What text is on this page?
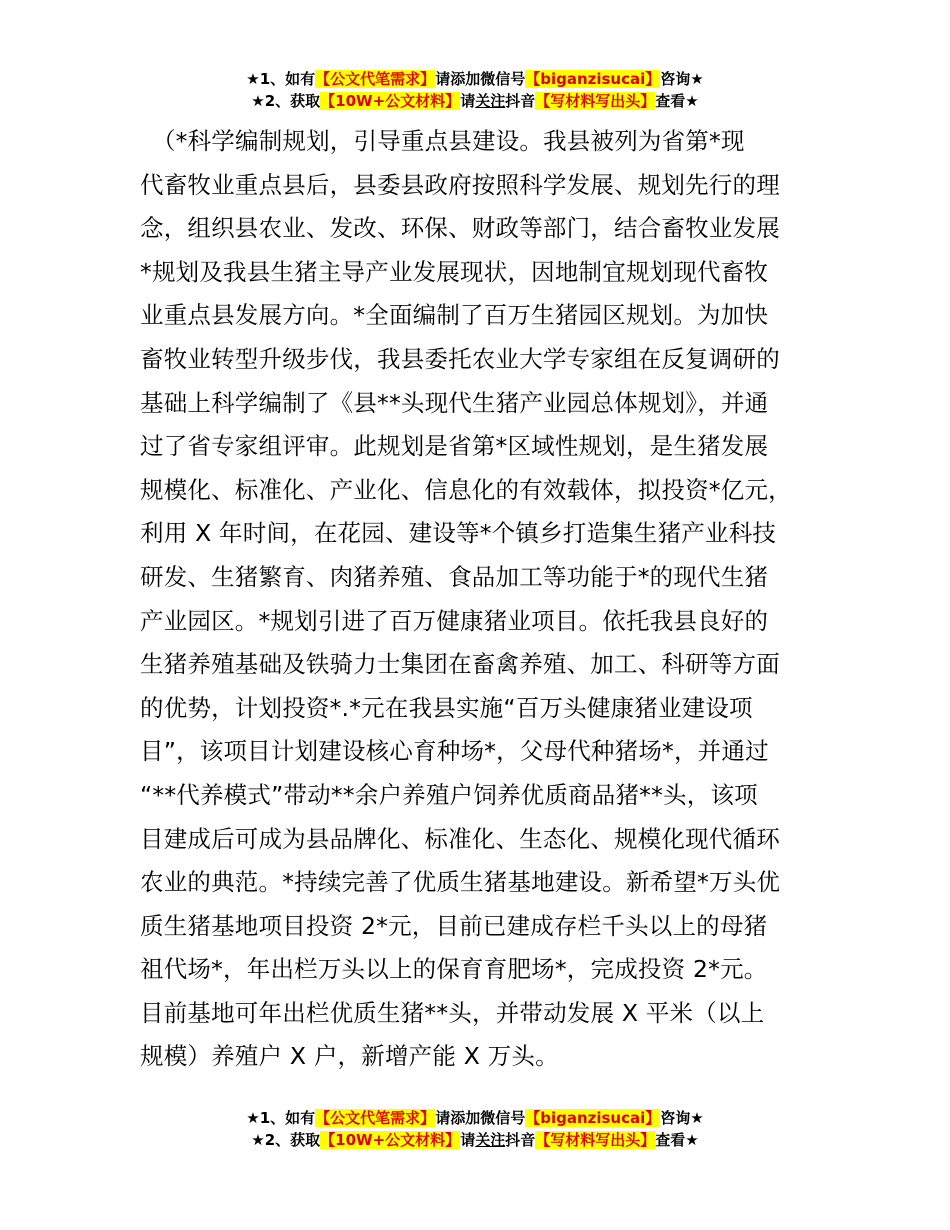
★1、如有【公文代笔需求】请添加微信号【biganzisucai】咨询★
★2、获取【10W+公文材料】请关注抖音【写材料写出头】查看★
　（*科学编制规划，引导重点县建设。我县被列为省第*现
代畜牧业重点县后，县委县政府按照科学发展、规划先行的理
念，组织县农业、发改、环保、财政等部门，结合畜牧业发展
*规划及我县生猪主导产业发展现状，因地制宜规划现代畜牧
业重点县发展方向。*全面编制了百万生猪园区规划。为加快
畜牧业转型升级步伐，我县委托农业大学专家组在反复调研的
基础上科学编制了《县**头现代生猪产业园总体规划》，并通
过了省专家组评审。此规划是省第*区域性规划，是生猪发展
规模化、标准化、产业化、信息化的有效载体，拟投资*亿元，
利用 X 年时间，在花园、建设等*个镇乡打造集生猪产业科技
研发、生猪繁育、肉猪养殖、食品加工等功能于*的现代生猪
产业园区。*规划引进了百万健康猪业项目。依托我县良好的
生猪养殖基础及铁骑力士集团在畜禽养殖、加工、科研等方面
的优势，计划投资*.*元在我县实施“百万头健康猪业建设项
目”，该项目计划建设核心育种场*，父母代种猪场*，并通过
“**代养模式”带动**余户养殖户饲养优质商品猪**头，该项
目建成后可成为县品牌化、标准化、生态化、规模化现代循环
农业的典范。*持续完善了优质生猪基地建设。新希望*万头优
质生猪基地项目投资 2*元，目前已建成存栏千头以上的母猪
祖代场*，年出栏万头以上的保育育肥场*，完成投资 2*元。
目前基地可年出栏优质生猪**头，并带动发展 X 平米（以上
规模）养殖户 X 户，新增产能 X 万头。
★1、如有【公文代笔需求】请添加微信号【biganzisucai】咨询★
★2、获取【10W+公文材料】请关注抖音【写材料写出头】查看★
